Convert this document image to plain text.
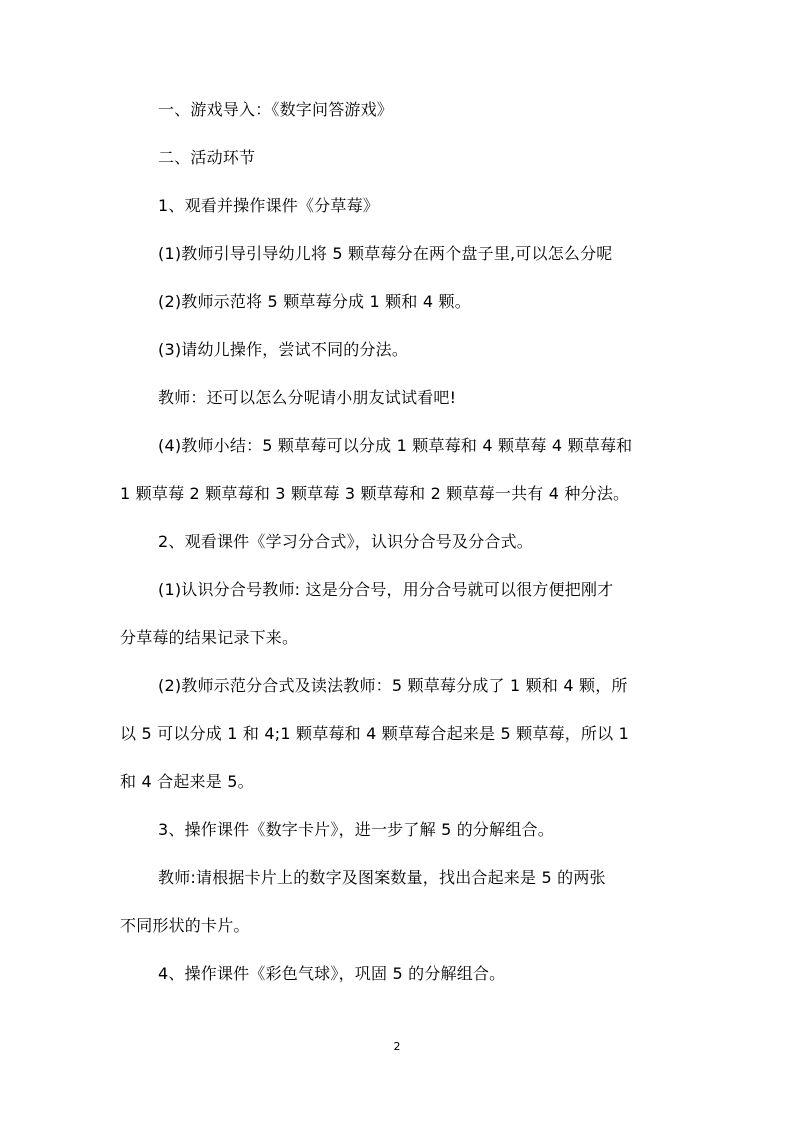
一、游戏导入：《数字问答游戏》
二、活动环节
1、观看并操作课件《分草莓》
(1)教师引导引导幼儿将 5 颗草莓分在两个盘子里,可以怎么分呢
(2)教师示范将 5 颗草莓分成 1 颗和 4 颗。
(3)请幼儿操作，尝试不同的分法。
教师：还可以怎么分呢请小朋友试试看吧!
(4)教师小结：5 颗草莓可以分成 1 颗草莓和 4 颗草莓 4 颗草莓和
1 颗草莓 2 颗草莓和 3 颗草莓 3 颗草莓和 2 颗草莓一共有 4 种分法。
2、观看课件《学习分合式》，认识分合号及分合式。
(1)认识分合号教师: 这是分合号，用分合号就可以很方便把刚才
分草莓的结果记录下来。
(2)教师示范分合式及读法教师：5 颗草莓分成了 1 颗和 4 颗，所
以 5 可以分成 1 和 4;1 颗草莓和 4 颗草莓合起来是 5 颗草莓，所以 1
和 4 合起来是 5。
3、操作课件《数字卡片》，进一步了解 5 的分解组合。
教师:请根据卡片上的数字及图案数量，找出合起来是 5 的两张
不同形状的卡片。
4、操作课件《彩色气球》，巩固 5 的分解组合。
2
